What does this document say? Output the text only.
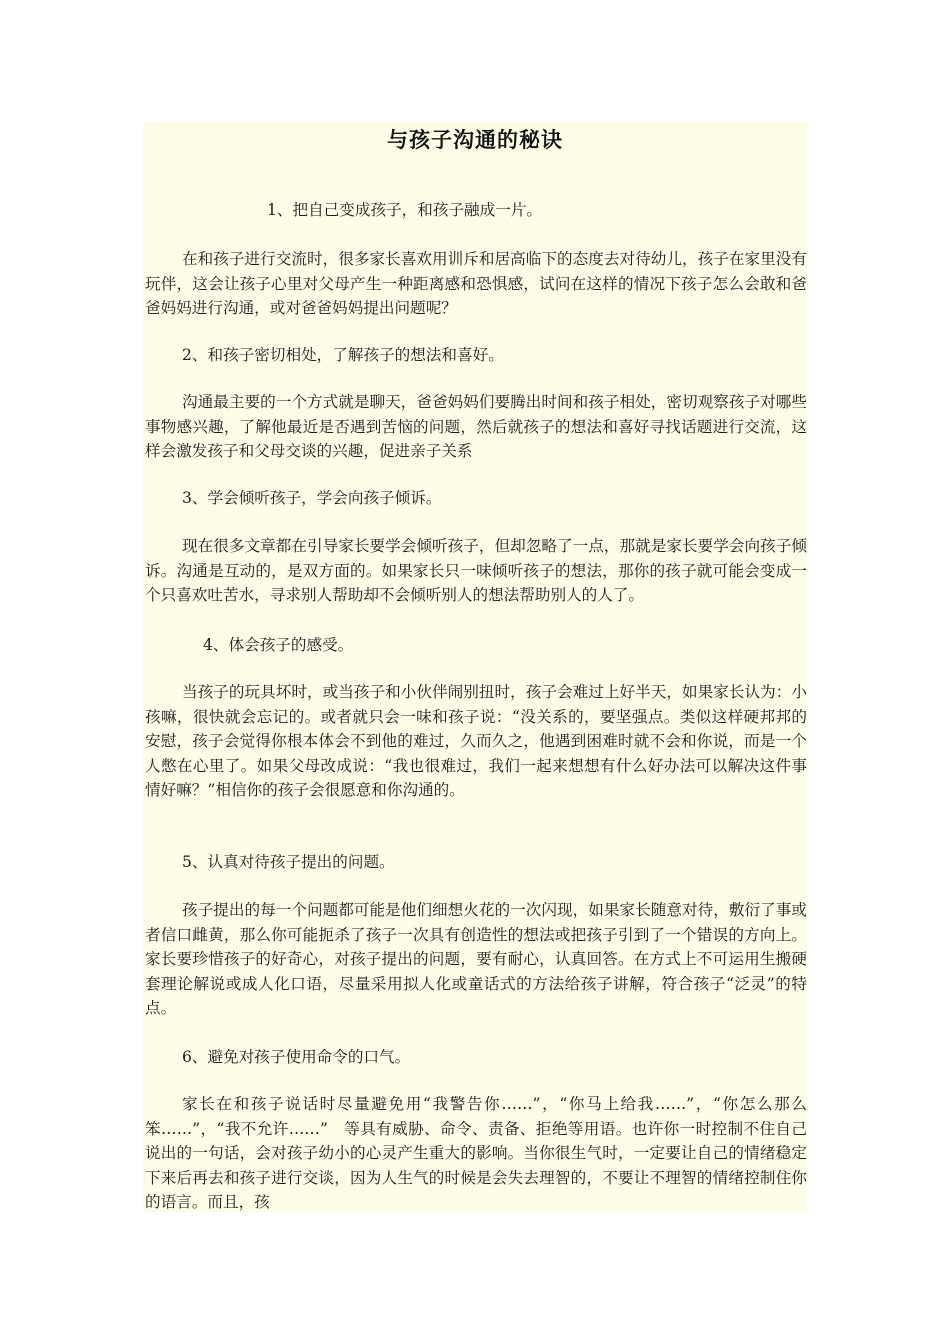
与孩子沟通的秘诀

1、把自己变成孩子，和孩子融成一片。

在和孩子进行交流时，很多家长喜欢用训斥和居高临下的态度去对待幼儿，孩子在家里没有玩伴，这会让孩子心里对父母产生一种距离感和恐惧感，试问在这样的情况下孩子怎么会敢和爸爸妈妈进行沟通，或对爸爸妈妈提出问题呢？

2、和孩子密切相处，了解孩子的想法和喜好。

沟通最主要的一个方式就是聊天，爸爸妈妈们要腾出时间和孩子相处，密切观察孩子对哪些事物感兴趣，了解他最近是否遇到苦恼的问题，然后就孩子的想法和喜好寻找话题进行交流，这样会激发孩子和父母交谈的兴趣，促进亲子关系

3、学会倾听孩子，学会向孩子倾诉。

现在很多文章都在引导家长要学会倾听孩子，但却忽略了一点，那就是家长要学会向孩子倾诉。沟通是互动的，是双方面的。如果家长只一味倾听孩子的想法，那你的孩子就可能会变成一个只喜欢吐苦水，寻求别人帮助却不会倾听别人的想法帮助别人的人了。

4、体会孩子的感受。

当孩子的玩具坏时，或当孩子和小伙伴闹别扭时，孩子会难过上好半天，如果家长认为：小孩嘛，很快就会忘记的。或者就只会一味和孩子说：“没关系的，要坚强点。类似这样硬邦邦的安慰，孩子会觉得你根本体会不到他的难过，久而久之，他遇到困难时就不会和你说，而是一个人憋在心里了。如果父母改成说：“我也很难过，我们一起来想想有什么好办法可以解决这件事情好嘛？”相信你的孩子会很愿意和你沟通的。

5、认真对待孩子提出的问题。

孩子提出的每一个问题都可能是他们细想火花的一次闪现，如果家长随意对待，敷衍了事或者信口雌黄，那么你可能扼杀了孩子一次具有创造性的想法或把孩子引到了一个错误的方向上。家长要珍惜孩子的好奇心，对孩子提出的问题，要有耐心，认真回答。在方式上不可运用生搬硬套理论解说或成人化口语，尽量采用拟人化或童话式的方法给孩子讲解，符合孩子“泛灵”的特点。

6、避免对孩子使用命令的口气。

家长在和孩子说话时尽量避免用“我警告你……”，“你马上给我……”，“你怎么那么笨……”，“我不允许……”　等具有威胁、命令、责备、拒绝等用语。也许你一时控制不住自己说出的一句话，会对孩子幼小的心灵产生重大的影响。当你很生气时，一定要让自己的情绪稳定下来后再去和孩子进行交谈，因为人生气的时候是会失去理智的，不要让不理智的情绪控制住你的语言。而且，孩
